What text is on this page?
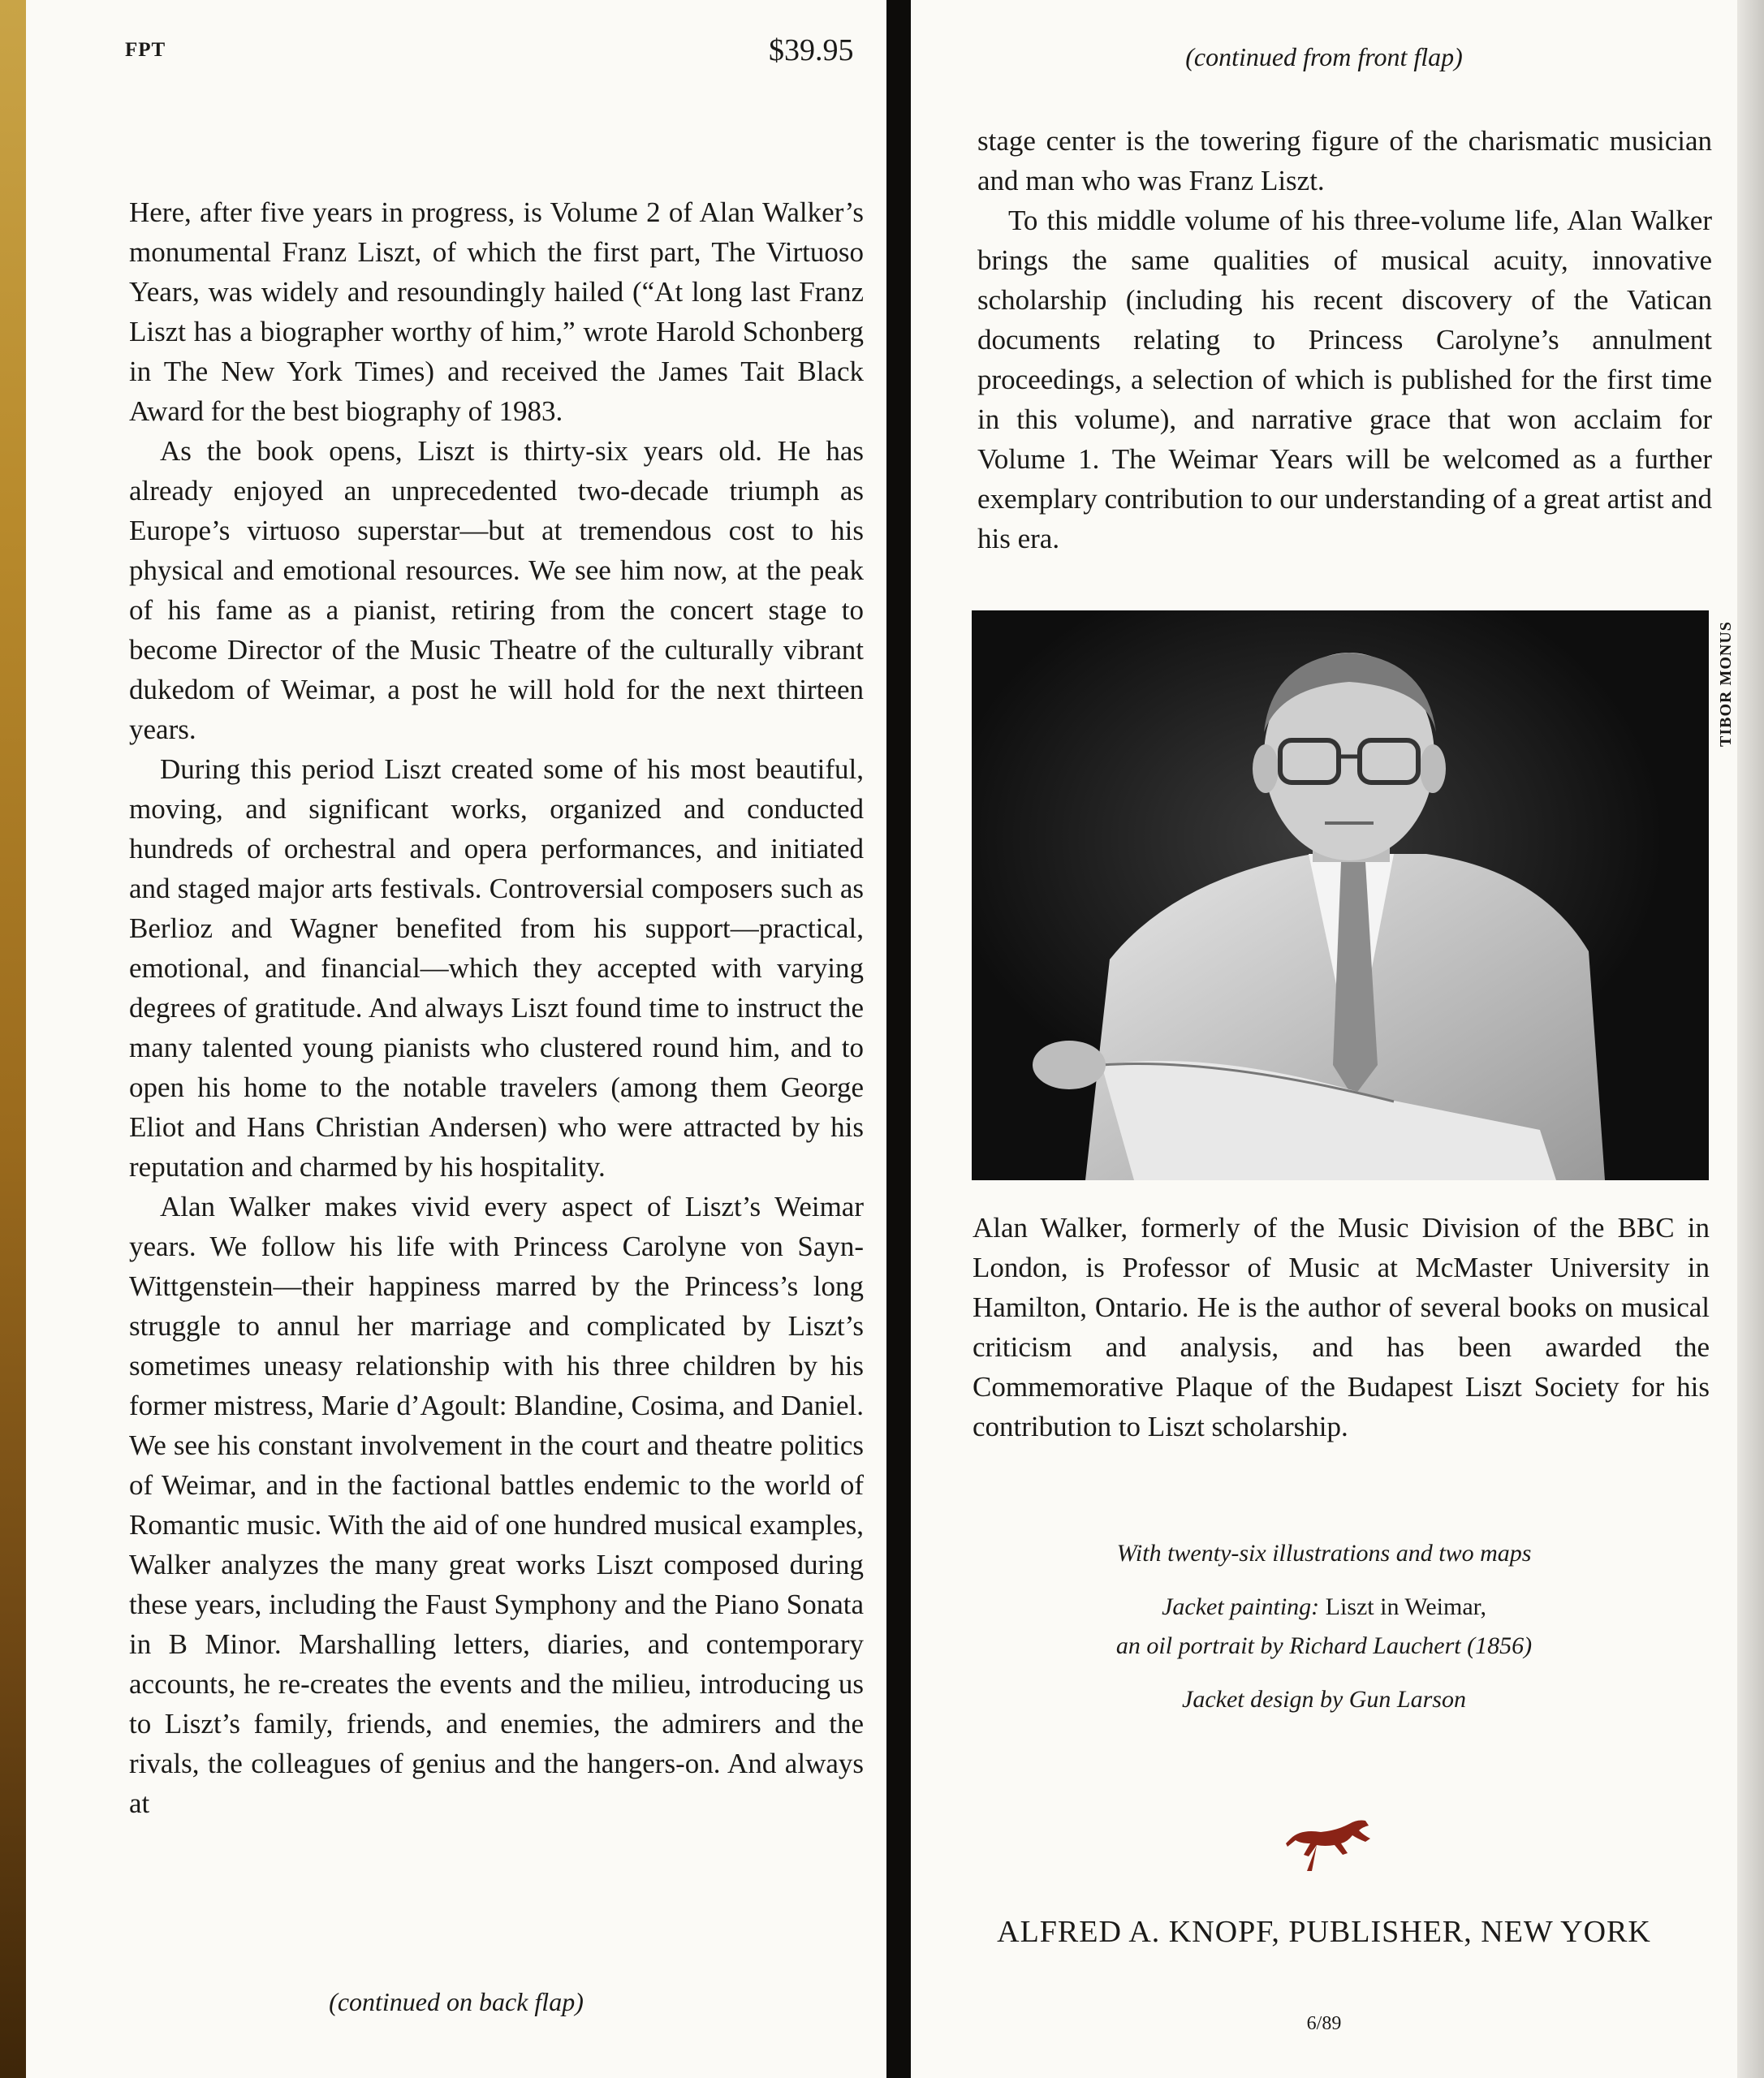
FPT	$39.95

Here, after five years in progress, is Volume 2 of Alan Walker’s monumental Franz Liszt, of which the first part, The Virtuoso Years, was widely and resoundingly hailed (“At long last Franz Liszt has a biographer worthy of him,” wrote Harold Schonberg in The New York Times) and received the James Tait Black Award for the best biography of 1983.

As the book opens, Liszt is thirty-six years old. He has already enjoyed an unprecedented two-decade triumph as Europe’s virtuoso superstar—but at tremendous cost to his physical and emotional resources. We see him now, at the peak of his fame as a pianist, retiring from the concert stage to become Director of the Music Theatre of the culturally vibrant dukedom of Weimar, a post he will hold for the next thirteen years.

During this period Liszt created some of his most beautiful, moving, and significant works, organized and conducted hundreds of orchestral and opera performances, and initiated and staged major arts festivals. Controversial composers such as Berlioz and Wagner benefited from his support—practical, emotional, and financial—which they accepted with varying degrees of gratitude. And always Liszt found time to instruct the many talented young pianists who clustered round him, and to open his home to the notable travelers (among them George Eliot and Hans Christian Andersen) who were attracted by his reputation and charmed by his hospitality.

Alan Walker makes vivid every aspect of Liszt’s Weimar years. We follow his life with Princess Carolyne von Sayn-Wittgenstein—their happiness marred by the Princess’s long struggle to annul her marriage and complicated by Liszt’s sometimes uneasy relationship with his three children by his former mistress, Marie d’Agoult: Blandine, Cosima, and Daniel. We see his constant involvement in the court and theatre politics of Weimar, and in the factional battles endemic to the world of Romantic music. With the aid of one hundred musical examples, Walker analyzes the many great works Liszt composed during these years, including the Faust Symphony and the Piano Sonata in B Minor. Marshalling letters, diaries, and contemporary accounts, he re-creates the events and the milieu, introducing us to Liszt’s family, friends, and enemies, the admirers and the rivals, the colleagues of genius and the hangers-on. And always at

(continued on back flap)
(continued from front flap)

stage center is the towering figure of the charismatic musician and man who was Franz Liszt.

To this middle volume of his three-volume life, Alan Walker brings the same qualities of musical acuity, innovative scholarship (including his recent discovery of the Vatican documents relating to Princess Carolyne’s annulment proceedings, a selection of which is published for the first time in this volume), and narrative grace that won acclaim for Volume 1. The Weimar Years will be welcomed as a further exemplary contribution to our understanding of a great artist and his era.

TIBOR MONUS

Alan Walker, formerly of the Music Division of the BBC in London, is Professor of Music at McMaster University in Hamilton, Ontario. He is the author of several books on musical criticism and analysis, and has been awarded the Commemorative Plaque of the Budapest Liszt Society for his contribution to Liszt scholarship.

With twenty-six illustrations and two maps
Jacket painting: Liszt in Weimar,
an oil portrait by Richard Lauchert (1856)
Jacket design by Gun Larson
ALFRED A. KNOPF, PUBLISHER, NEW YORK
6/89
